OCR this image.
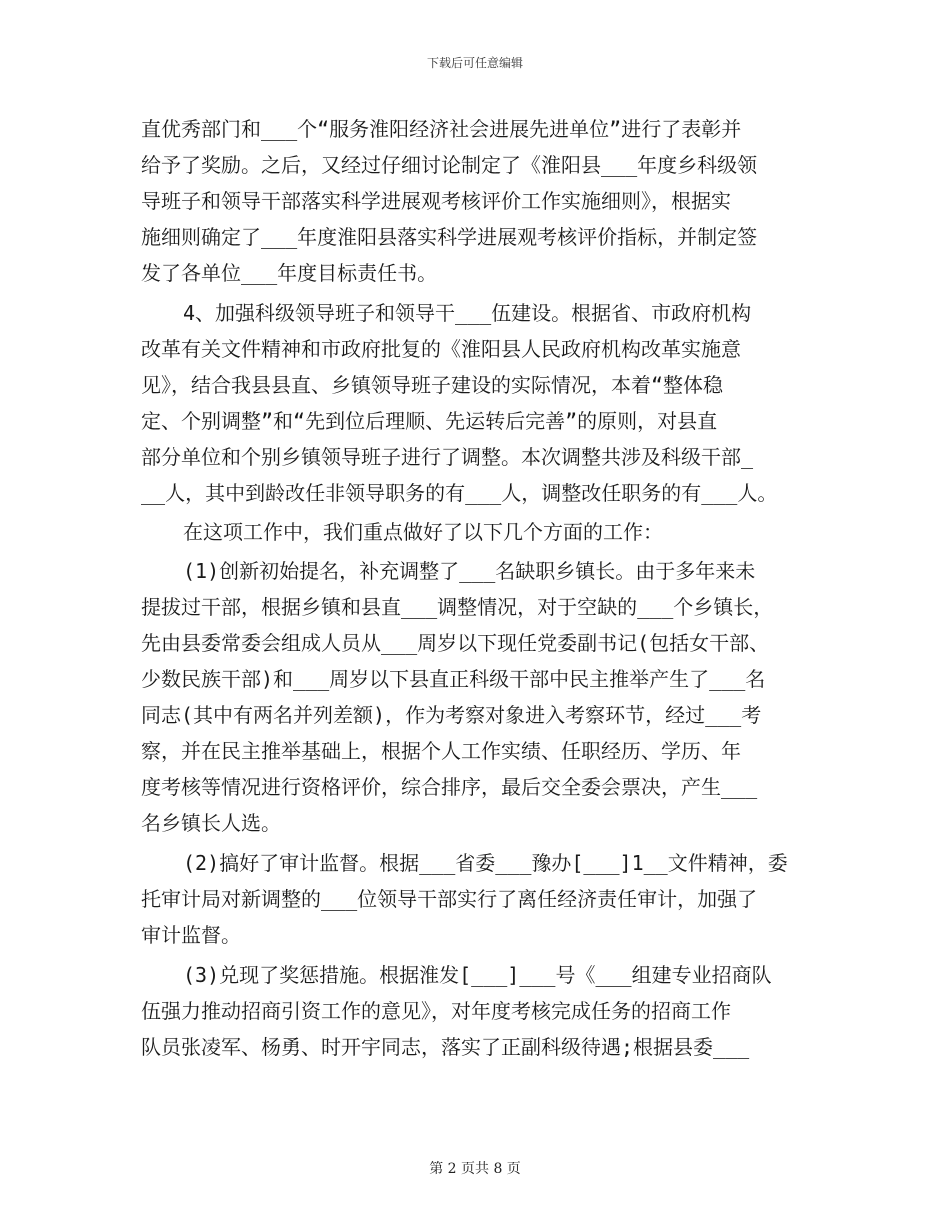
下载后可任意编辑
直优秀部门和___个“服务淮阳经济社会进展先进单位”进行了表彰并
给予了奖励。之后，又经过仔细讨论制定了《淮阳县___年度乡科级领
导班子和领导干部落实科学进展观考核评价工作实施细则》，根据实
施细则确定了___年度淮阳县落实科学进展观考核评价指标，并制定签
发了各单位___年度目标责任书。
4、加强科级领导班子和领导干___伍建设。根据省、市政府机构
改革有关文件精神和市政府批复的《淮阳县人民政府机构改革实施意
见》，结合我县县直、乡镇领导班子建设的实际情况，本着“整体稳
定、个别调整”和“先到位后理顺、先运转后完善”的原则，对县直
部分单位和个别乡镇领导班子进行了调整。本次调整共涉及科级干部_
__人，其中到龄改任非领导职务的有___人，调整改任职务的有___人。
在这项工作中，我们重点做好了以下几个方面的工作：
(1)创新初始提名，补充调整了___名缺职乡镇长。由于多年来未
提拔过干部，根据乡镇和县直___调整情况，对于空缺的___个乡镇长，
先由县委常委会组成人员从___周岁以下现任党委副书记(包括女干部、
少数民族干部)和___周岁以下县直正科级干部中民主推举产生了___名
同志(其中有两名并列差额)，作为考察对象进入考察环节，经过___考
察，并在民主推举基础上，根据个人工作实绩、任职经历、学历、年
度考核等情况进行资格评价，综合排序，最后交全委会票决，产生___
名乡镇长人选。
(2)搞好了审计监督。根据___省委___豫办[___]1__文件精神，委
托审计局对新调整的___位领导干部实行了离任经济责任审计，加强了
审计监督。
(3)兑现了奖惩措施。根据淮发[___]___号《___组建专业招商队
伍强力推动招商引资工作的意见》，对年度考核完成任务的招商工作
队员张凌军、杨勇、时开宇同志，落实了正副科级待遇;根据县委___
第 2 页共 8 页
